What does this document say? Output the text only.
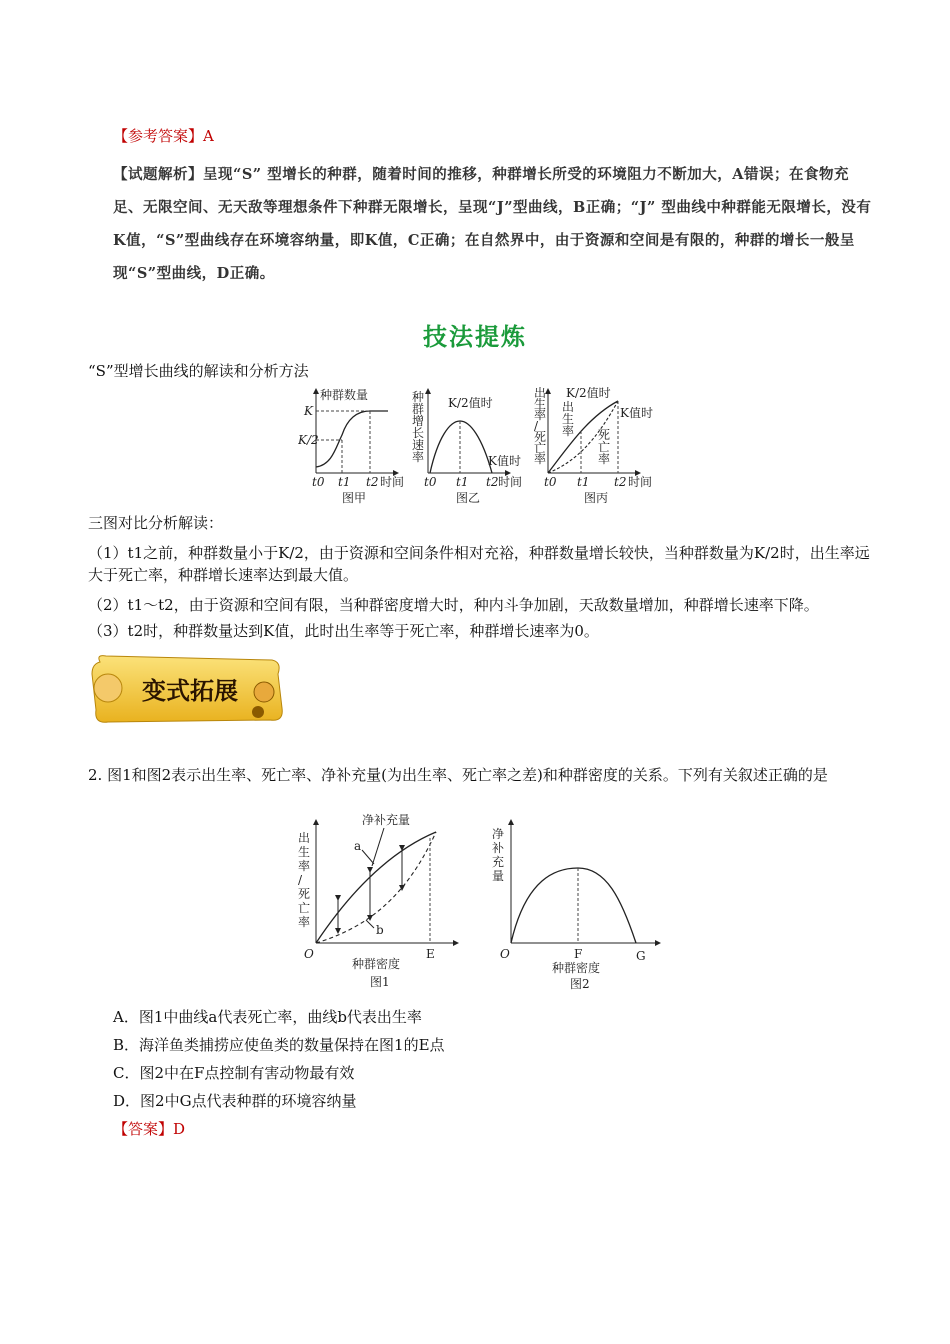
【参考答案】A
【试题解析】呈现“S” 型增长的种群，随着时间的推移，种群增长所受的环境阻力不断加大，A错误；在食物充足、无限空间、无天敌等理想条件下种群无限增长，呈现“J”型曲线，B正确；“J” 型曲线中种群能无限增长，没有K值，“S”型曲线存在环境容纳量，即K值，C正确；在自然界中，由于资源和空间是有限的，种群的增长一般呈现“S”型曲线，D正确。
技法提炼
“S”型增长曲线的解读和分析方法
种群数量
K
K/2
t0 t1 t2 时间
图甲
种群增长速率
K/2值时
K值时
t0 t1 t2 时间
图乙
出生率/死亡率
出生率 死亡率
K/2值时
K值时
t0 t1 t2 时间
图丙
三图对比分析解读：
（1）t1之前，种群数量小于K/2，由于资源和空间条件相对充裕，种群数量增长较快，当种群数量为K/2时，出生率远大于死亡率，种群增长速率达到最大值。
（2）t1～t2，由于资源和空间有限，当种群密度增大时，种内斗争加剧，天敌数量增加，种群增长速率下降。
（3）t2时，种群数量达到K值，此时出生率等于死亡率，种群增长速率为0。
变式拓展
2. 图1和图2表示出生率、死亡率、净补充量(为出生率、死亡率之差)和种群密度的关系。下列有关叙述正确的是
出生率/死亡率
净补充量
a
b
O	E
种群密度
图1
净补充量
O	F	G
种群密度
图2
A．图1中曲线a代表死亡率，曲线b代表出生率
B．海洋鱼类捕捞应使鱼类的数量保持在图1的E点
C．图2中在F点控制有害动物最有效
D．图2中G点代表种群的环境容纳量
【答案】D
